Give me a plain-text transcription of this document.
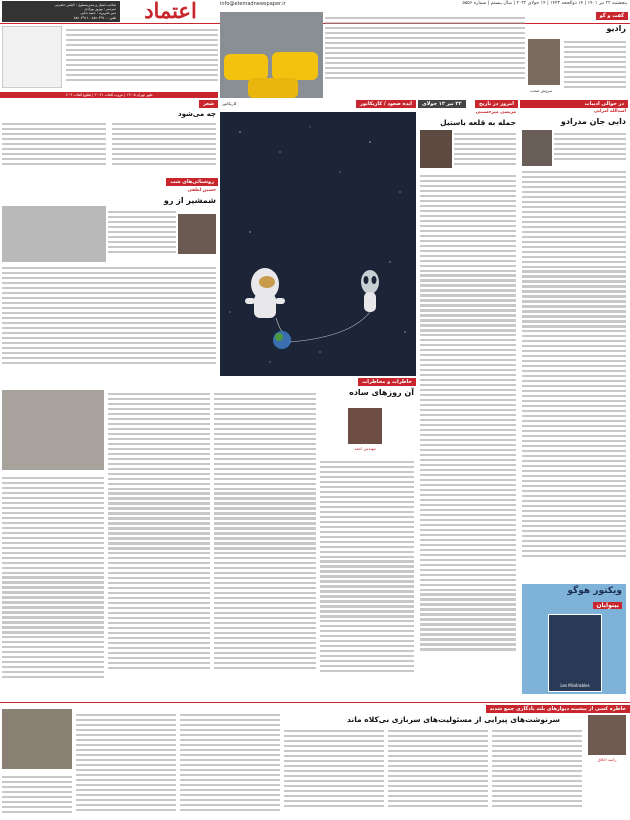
اعتماد	info@etemadnewspaper.ir	پنجشنبه ۲۲ تیر ۱۴۰۱ | ۱۴ ذوالحجه ۱۴۴۳ | ۱۴ جولای ۲۰۲۲ | سال بیستم | شماره ۵۵۵۶
صاحب امتیاز و مدیرمسئول : الیاس حضرتی
سردبیر : بهروز بهزادی
دبیر تحریریه : حمید ندایی
تلفن : ۸۸۲۰۴۹۱۰ - ۸۸۲۰۴۹۱۱
ظهر تهران ۱۳:۰۵ | غروب آفتاب ۲۰:۲۱ | طلوع آفتاب ۶:۰۴
گفت و گو
رادیو
سروش صحت
در حوالی ادبیات
اسدالله امرایی
دابی جان مدرادو
ویکتور هوگو
بینوایان
Les Misérables
امروز در تاریخ
۲۲ تیر ۱۳ جولای
مرتضی میرحسینی
حمله به قلعه باستیل
ایده صعود / کاریکاتور
کاریکاتور
شعر
چه می‌شود
روشنائی‌های شب
حسین لطفی
شمشیر از رو
خاطرات و مخاطرات
آن روزهای ساده
مهندس احمد
خاطره کسی از پیشینه دیوارهای بلند یادگاری جمع شدند
سرنوشت‌های پیرایی از مسئولیت‌های سربازی بی‌کلاه ماند
رامبد اخلاق
